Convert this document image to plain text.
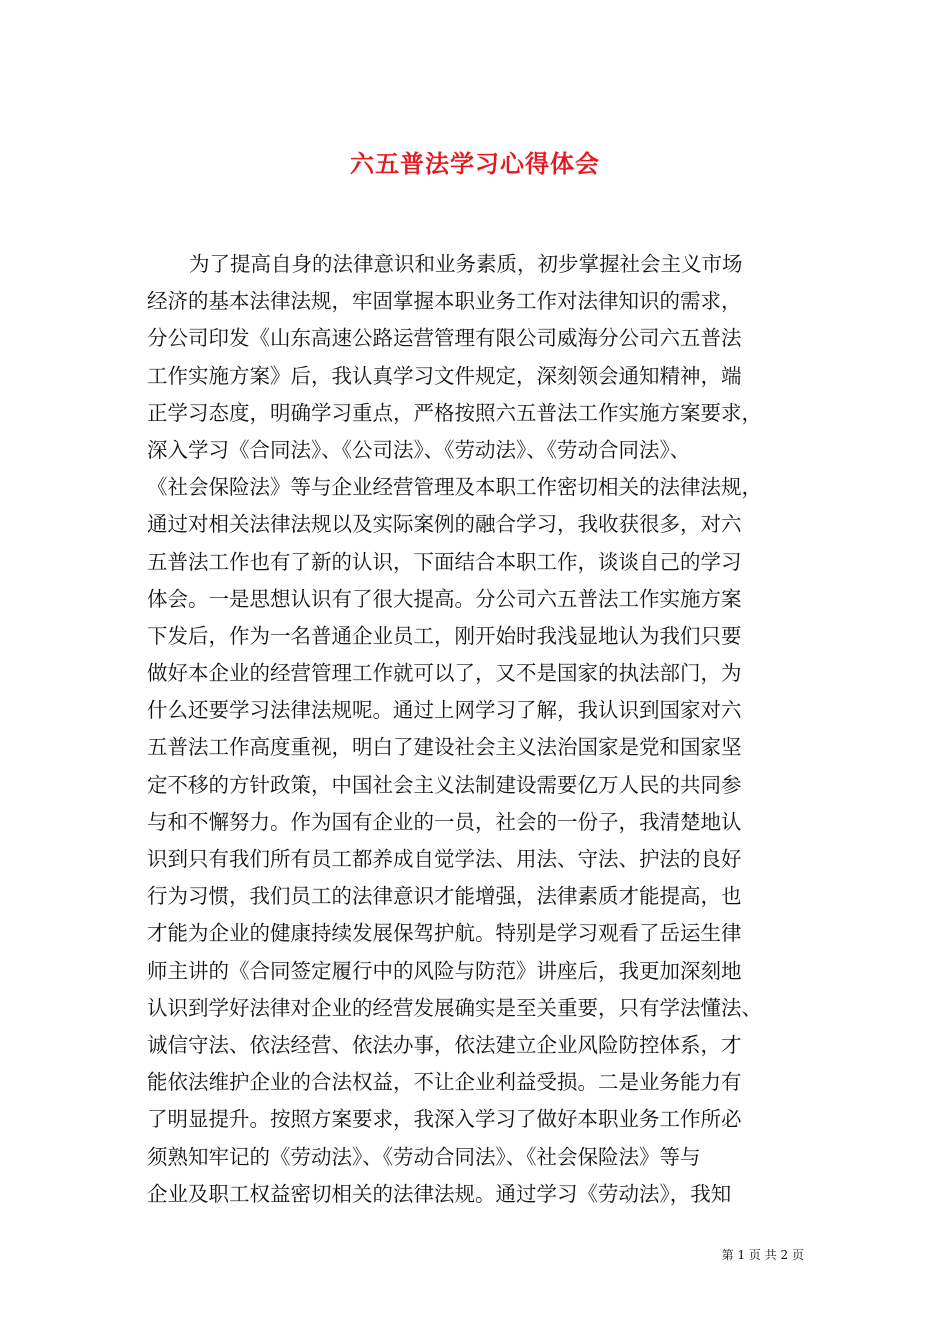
六五普法学习心得体会

为了提高自身的法律意识和业务素质，初步掌握社会主义市场
经济的基本法律法规，牢固掌握本职业务工作对法律知识的需求，
分公司印发《山东高速公路运营管理有限公司威海分公司六五普法
工作实施方案》后，我认真学习文件规定，深刻领会通知精神，端
正学习态度，明确学习重点，严格按照六五普法工作实施方案要求，
深入学习《合同法》、《公司法》、《劳动法》、《劳动合同法》、
《社会保险法》等与企业经营管理及本职工作密切相关的法律法规，
通过对相关法律法规以及实际案例的融合学习，我收获很多，对六
五普法工作也有了新的认识，下面结合本职工作，谈谈自己的学习
体会。一是思想认识有了很大提高。分公司六五普法工作实施方案
下发后，作为一名普通企业员工，刚开始时我浅显地认为我们只要
做好本企业的经营管理工作就可以了，又不是国家的执法部门，为
什么还要学习法律法规呢。通过上网学习了解，我认识到国家对六
五普法工作高度重视，明白了建设社会主义法治国家是党和国家坚
定不移的方针政策，中国社会主义法制建设需要亿万人民的共同参
与和不懈努力。作为国有企业的一员，社会的一份子，我清楚地认
识到只有我们所有员工都养成自觉学法、用法、守法、护法的良好
行为习惯，我们员工的法律意识才能增强，法律素质才能提高，也
才能为企业的健康持续发展保驾护航。特别是学习观看了岳运生律
师主讲的《合同签定履行中的风险与防范》讲座后，我更加深刻地
认识到学好法律对企业的经营发展确实是至关重要，只有学法懂法、
诚信守法、依法经营、依法办事，依法建立企业风险防控体系，才
能依法维护企业的合法权益，不让企业利益受损。二是业务能力有
了明显提升。按照方案要求，我深入学习了做好本职业务工作所必
须熟知牢记的《劳动法》、《劳动合同法》、《社会保险法》等与
企业及职工权益密切相关的法律法规。通过学习《劳动法》，我知

第 1 页 共 2 页
